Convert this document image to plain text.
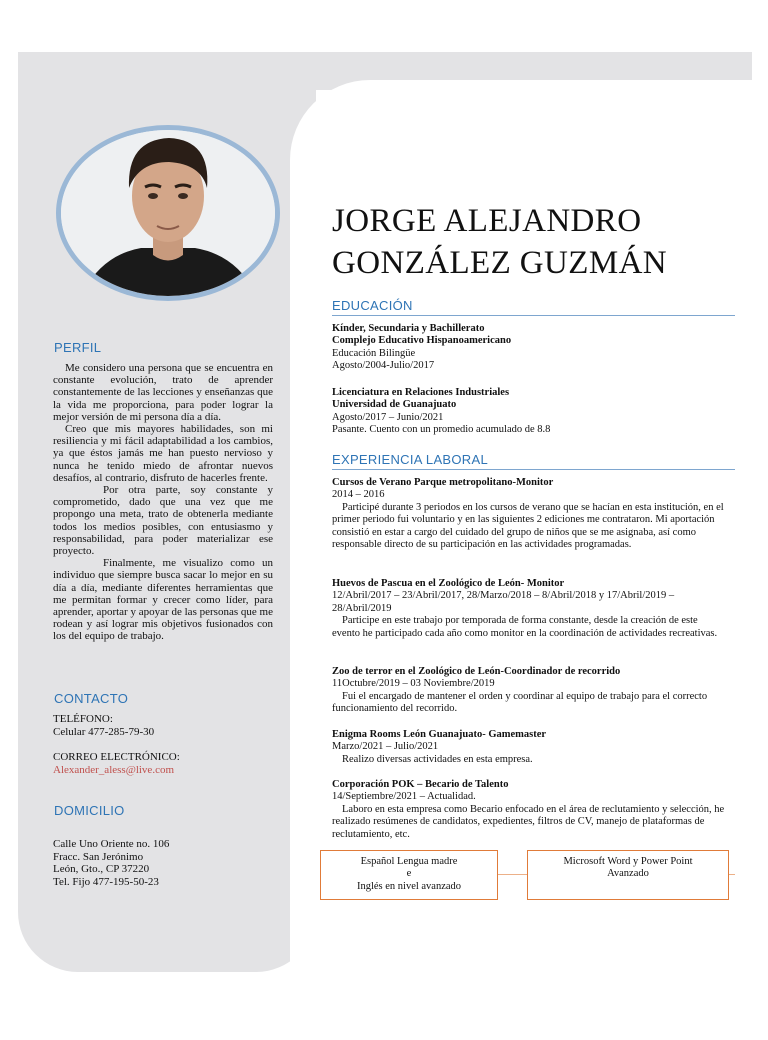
PERFIL

Me considero una persona que se encuentra en constante evolución, trato de aprender constantemente de las lecciones y enseñanzas que la vida me proporciona, para poder lograr la mejor versión de mi persona día a día.

Creo que mis mayores habilidades, son mi resiliencia y mi fácil adaptabilidad a los cambios, ya que éstos jamás me han puesto nervioso y nunca he tenido miedo de afrontar nuevos desafíos, al contrario, disfruto de hacerles frente.

Por otra parte, soy constante y comprometido, dado que una vez que me propongo una meta, trato de obtenerla mediante todos los medios posibles, con entusiasmo y responsabilidad, para poder materializar ese proyecto.

Finalmente, me visualizo como un individuo que siempre busca sacar lo mejor en su día a día, mediante diferentes herramientas que me permitan formar y crecer como líder, para aprender, aportar y apoyar de las personas que me rodean y así lograr mis objetivos fusionados con los del equipo de trabajo.

CONTACTO
TELÉFONO:
Celular 477-285-79-30
CORREO ELECTRÓNICO:
Alexander_aless@live.com
DOMICILIO
Calle Uno Oriente no. 106
Fracc. San Jerónimo
León, Gto., CP 37220
Tel. Fijo 477-195-50-23
JORGE ALEJANDRO
GONZÁLEZ GUZMÁN
EDUCACIÓN
Kínder, Secundaria y Bachillerato
Complejo Educativo Hispanoamericano
Educación Bilingüe
Agosto/2004-Julio/2017
Licenciatura en Relaciones Industriales
Universidad de Guanajuato
Agosto/2017 – Junio/2021
Pasante. Cuento con un promedio acumulado de 8.8
EXPERIENCIA LABORAL
Cursos de Verano Parque metropolitano-Monitor
2014 – 2016
Participé durante 3 periodos en los cursos de verano que se hacían en esta institución, en el primer periodo fui voluntario y en las siguientes 2 ediciones me contrataron. Mi aportación consistió en estar a cargo del cuidado del grupo de niños que se me asignaba, así como responsable directo de su participación en las actividades programadas.
Huevos de Pascua en el Zoológico de León- Monitor
12/Abril/2017 – 23/Abril/2017, 28/Marzo/2018 – 8/Abril/2018 y 17/Abril/2019 – 28/Abril/2019
Participe en este trabajo por temporada de forma constante, desde la creación de este evento he participado cada año como monitor en la coordinación de actividades recreativas.
Zoo de terror en el Zoológico de León-Coordinador de recorrido
11Octubre/2019 – 03 Noviembre/2019
Fui el encargado de mantener el orden y coordinar al equipo de trabajo para el correcto funcionamiento del recorrido.
Enigma Rooms León Guanajuato- Gamemaster
Marzo/2021 – Julio/2021
Realizo diversas actividades en esta empresa.
Corporación POK – Becario de Talento
14/Septiembre/2021 – Actualidad.
Laboro en esta empresa como Becario enfocado en el área de reclutamiento y selección, he realizado resúmenes de candidatos, expedientes, filtros de CV, manejo de plataformas de reclutamiento, etc.
Español Lengua madre
e
Inglés en nivel avanzado
Microsoft Word y Power Point
Avanzado
